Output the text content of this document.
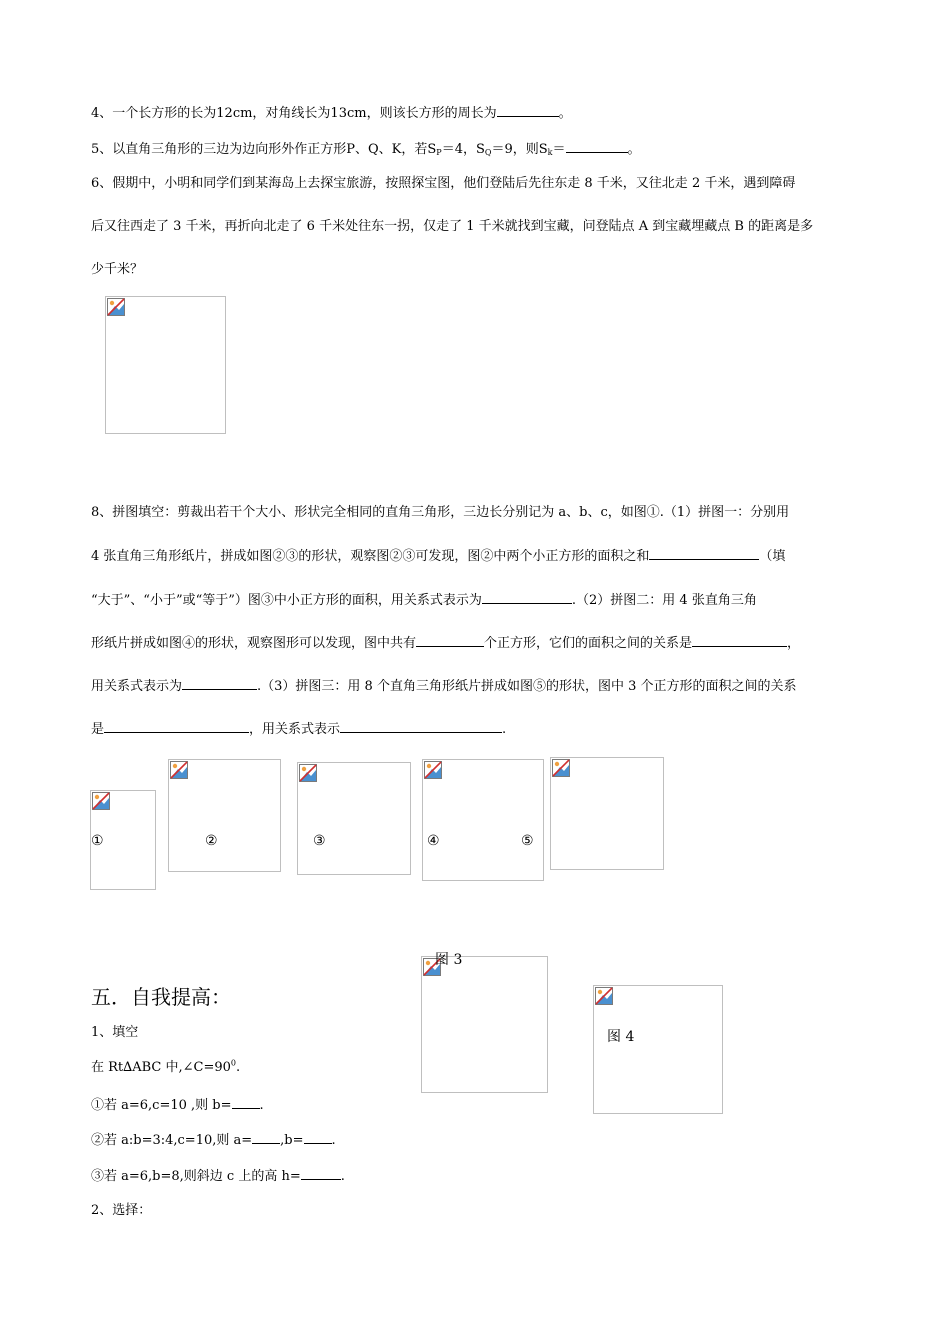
4、一个长方形的长为12cm，对角线长为13cm，则该长方形的周长为	。
5、以直角三角形的三边为边向形外作正方形P、Q、K，若$S_P=4$，$S_Q=9$，则$S_k=$	。
6、假期中，小明和同学们到某海岛上去探宝旅游，按照探宝图，他们登陆后先往东走 8 千米，又往北走 2 千米，遇到障碍
后又往西走了 3 千米，再折向北走了 6 千米处往东一拐，仅走了 1 千米就找到宝藏，问登陆点 A 到宝藏埋藏点 B 的距离是多
少千米？
8、拼图填空：剪裁出若干个大小、形状完全相同的直角三角形，三边长分别记为 a、b、c，如图①.（1）拼图一：分别用
4 张直角三角形纸片，拼成如图②③的形状，观察图②③可发现，图②中两个小正方形的面积之和	（填
“大于”、“小于”或“等于”）图③中小正方形的面积，用关系式表示为	.（2）拼图二：用 4 张直角三角
形纸片拼成如图④的形状，观察图形可以发现，图中共有	个正方形，它们的面积之间的关系是	，
用关系式表示为	.（3）拼图三：用 8 个直角三角形纸片拼成如图⑤的形状，图中 3 个正方形的面积之间的关系
是	，用关系式表示	.
①	②	③	④	⑤
图 3
图 4
五．自我提高：
1、填空
在 Rt∆ABC 中$,\angle C=90^0$.
①若 a=6,c=10 ,则 b= .
②若 a:b=3:4,c=10,则 a= ,b= .
③若 a=6,b=8,则斜边 c 上的高 h=	.
2、选择：
